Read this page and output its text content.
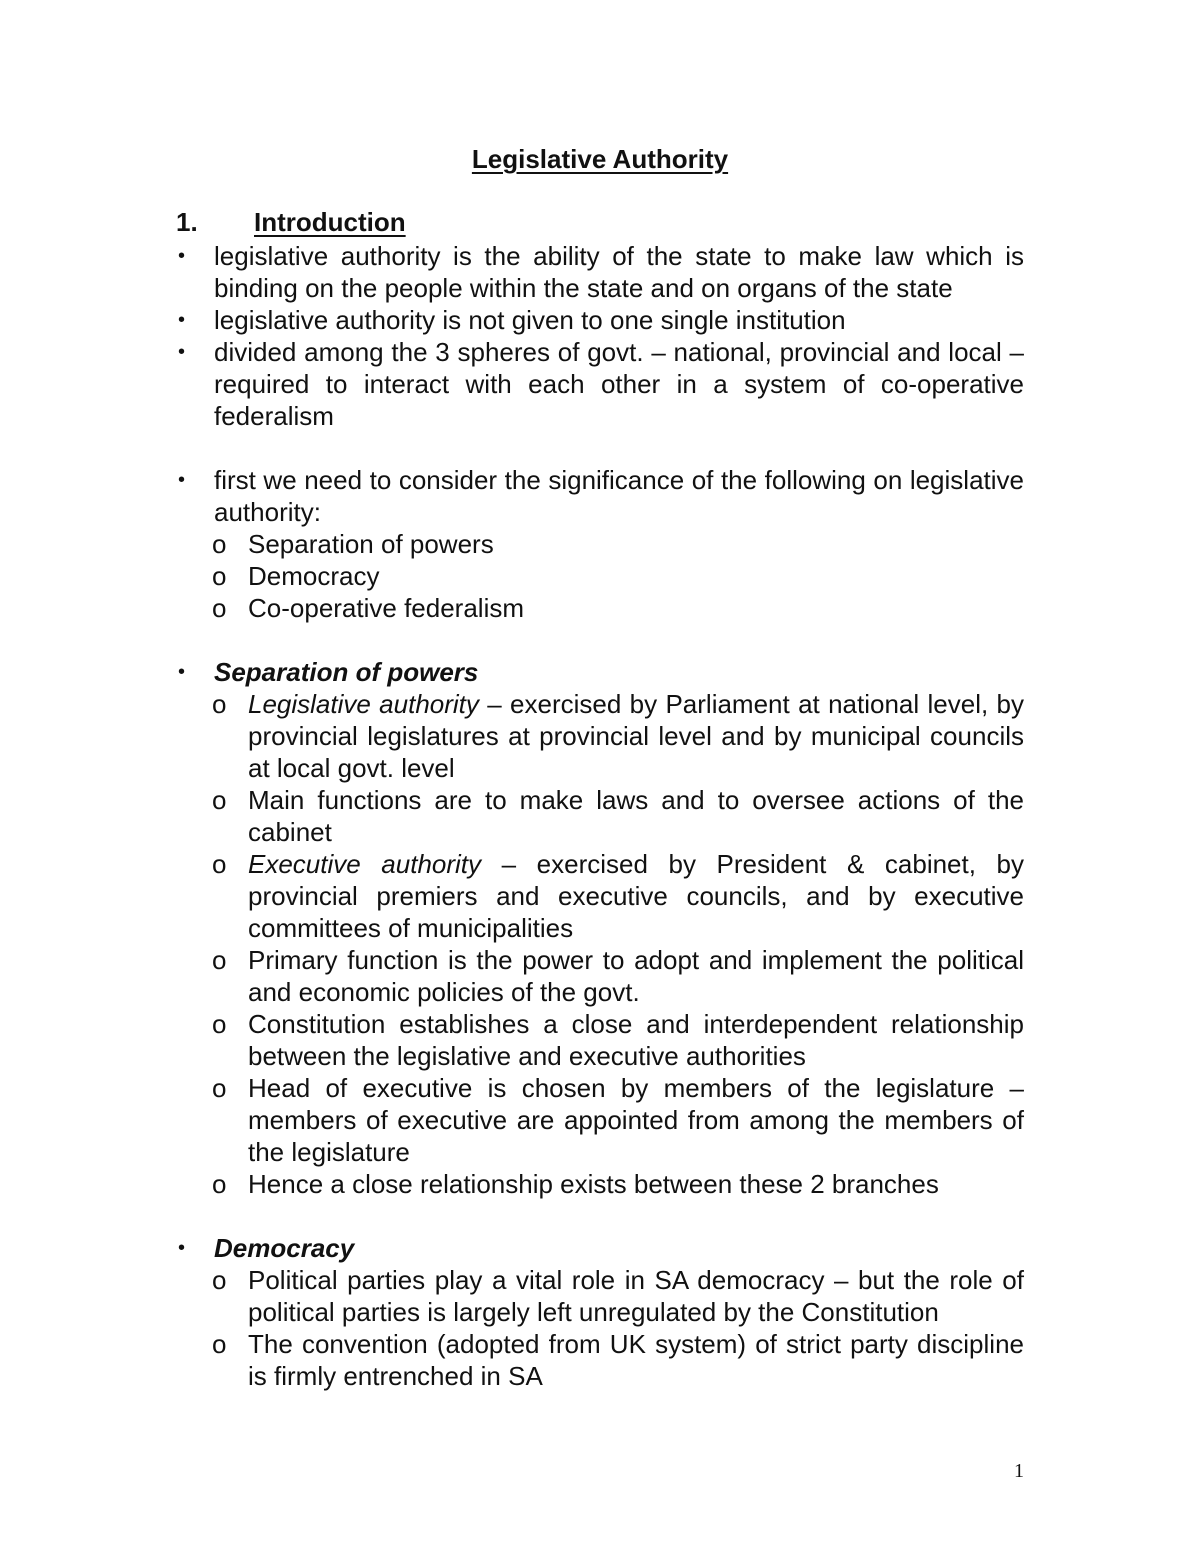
Legislative Authority
1.	Introduction
•	legislative authority is the ability of the state to make law which is binding on the people within the state and on organs of the state
•	legislative authority is not given to one single institution
•	divided among the 3 spheres of govt. – national, provincial and local – required to interact with each other in a system of co-operative federalism
•	first we need to consider the significance of the following on legislative authority:
o Separation of powers
o Democracy
o Co-operative federalism
•	Separation of powers
o Legislative authority – exercised by Parliament at national level, by provincial legislatures at provincial level and by municipal councils at local govt. level
o Main functions are to make laws and to oversee actions of the cabinet
o Executive authority – exercised by President & cabinet, by provincial premiers and executive councils, and by executive committees of municipalities
o Primary function is the power to adopt and implement the political and economic policies of the govt.
o Constitution establishes a close and interdependent relationship between the legislative and executive authorities
o Head of executive is chosen by members of the legislature – members of executive are appointed from among the members of the legislature
o Hence a close relationship exists between these 2 branches
•	Democracy
o Political parties play a vital role in SA democracy – but the role of political parties is largely left unregulated by the Constitution
o The convention (adopted from UK system) of strict party discipline is firmly entrenched in SA
1
